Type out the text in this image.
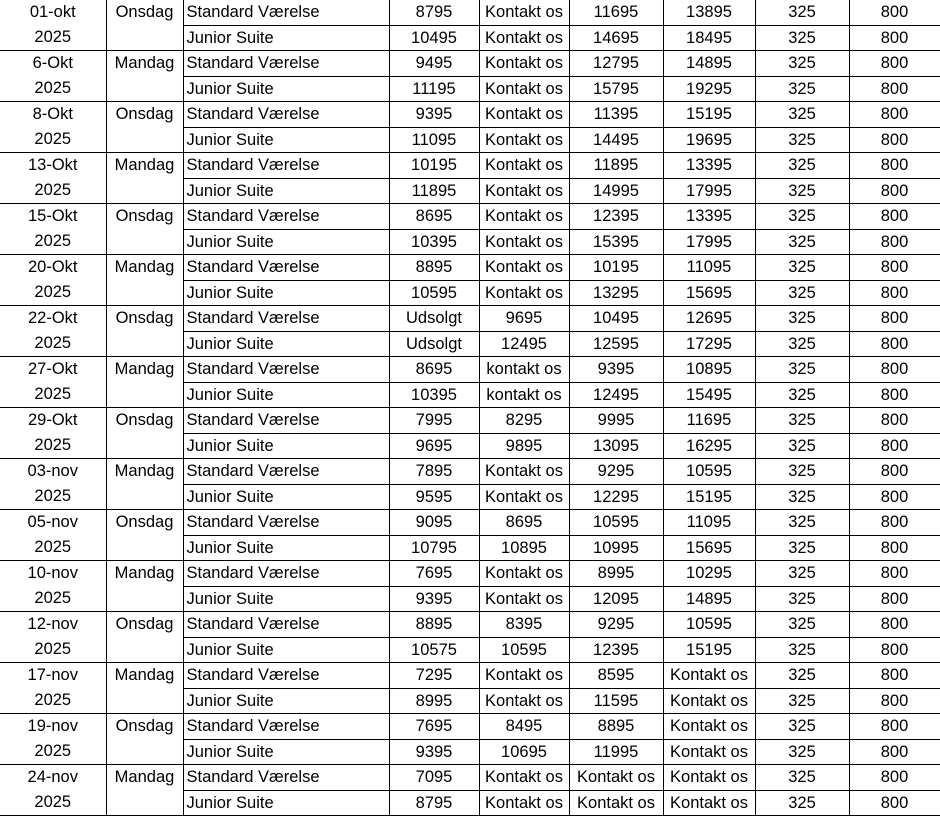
01-okt	Onsdag	Standard Værelse	8795	Kontakt os	11695	13895	325	800
2025		Junior Suite	10495	Kontakt os	14695	18495	325	800
6-Okt	Mandag	Standard Værelse	9495	Kontakt os	12795	14895	325	800
2025		Junior Suite	11195	Kontakt os	15795	19295	325	800
8-Okt	Onsdag	Standard Værelse	9395	Kontakt os	11395	15195	325	800
2025		Junior Suite	11095	Kontakt os	14495	19695	325	800
13-Okt	Mandag	Standard Værelse	10195	Kontakt os	11895	13395	325	800
2025		Junior Suite	11895	Kontakt os	14995	17995	325	800
15-Okt	Onsdag	Standard Værelse	8695	Kontakt os	12395	13395	325	800
2025		Junior Suite	10395	Kontakt os	15395	17995	325	800
20-Okt	Mandag	Standard Værelse	8895	Kontakt os	10195	11095	325	800
2025		Junior Suite	10595	Kontakt os	13295	15695	325	800
22-Okt	Onsdag	Standard Værelse	Udsolgt	9695	10495	12695	325	800
2025		Junior Suite	Udsolgt	12495	12595	17295	325	800
27-Okt	Mandag	Standard Værelse	8695	kontakt os	9395	10895	325	800
2025		Junior Suite	10395	kontakt os	12495	15495	325	800
29-Okt	Onsdag	Standard Værelse	7995	8295	9995	11695	325	800
2025		Junior Suite	9695	9895	13095	16295	325	800
03-nov	Mandag	Standard Værelse	7895	Kontakt os	9295	10595	325	800
2025		Junior Suite	9595	Kontakt os	12295	15195	325	800
05-nov	Onsdag	Standard Værelse	9095	8695	10595	11095	325	800
2025		Junior Suite	10795	10895	10995	15695	325	800
10-nov	Mandag	Standard Værelse	7695	Kontakt os	8995	10295	325	800
2025		Junior Suite	9395	Kontakt os	12095	14895	325	800
12-nov	Onsdag	Standard Værelse	8895	8395	9295	10595	325	800
2025		Junior Suite	10575	10595	12395	15195	325	800
17-nov	Mandag	Standard Værelse	7295	Kontakt os	8595	Kontakt os	325	800
2025		Junior Suite	8995	Kontakt os	11595	Kontakt os	325	800
19-nov	Onsdag	Standard Værelse	7695	8495	8895	Kontakt os	325	800
2025		Junior Suite	9395	10695	11995	Kontakt os	325	800
24-nov	Mandag	Standard Værelse	7095	Kontakt os	Kontakt os	Kontakt os	325	800
2025		Junior Suite	8795	Kontakt os	Kontakt os	Kontakt os	325	800
